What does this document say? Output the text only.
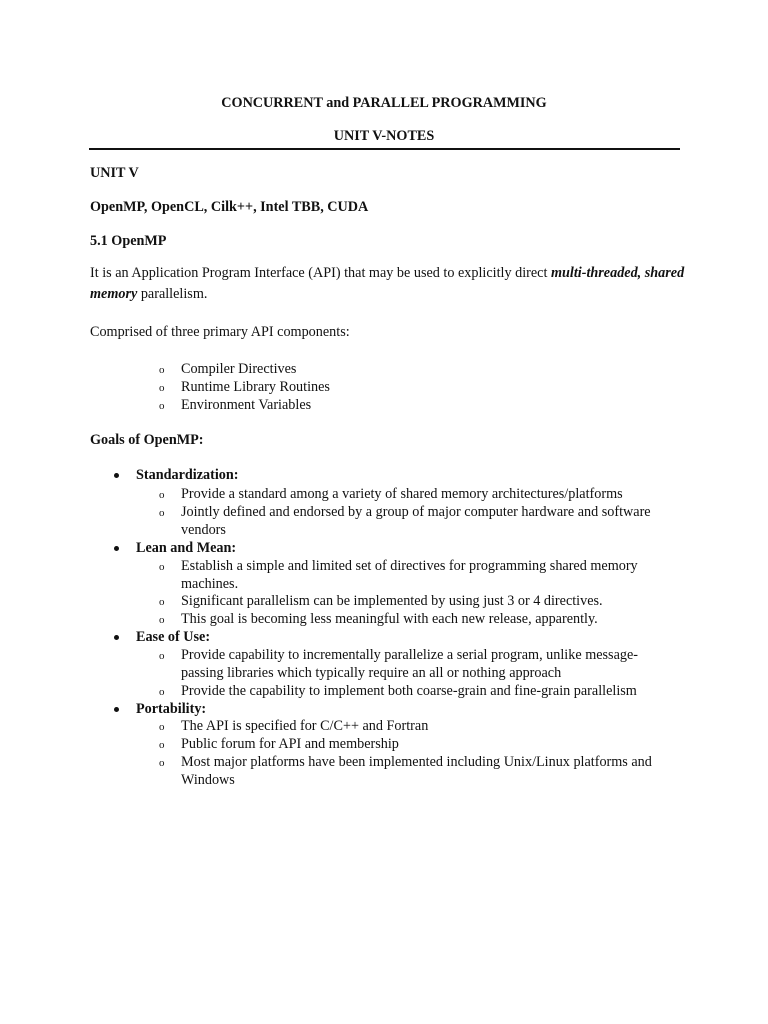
CONCURRENT and PARALLEL PROGRAMMING
UNIT V-NOTES
UNIT V
OpenMP, OpenCL, Cilk++, Intel TBB, CUDA
5.1 OpenMP
It is an Application Program Interface (API) that may be used to explicitly direct multi-threaded, shared memory parallelism.
Comprised of three primary API components:
o Compiler Directives
o Runtime Library Routines
o Environment Variables
Goals of OpenMP:
Standardization:
o Provide a standard among a variety of shared memory architectures/platforms
o Jointly defined and endorsed by a group of major computer hardware and software vendors
Lean and Mean:
o Establish a simple and limited set of directives for programming shared memory machines.
o Significant parallelism can be implemented by using just 3 or 4 directives.
o This goal is becoming less meaningful with each new release, apparently.
Ease of Use:
o Provide capability to incrementally parallelize a serial program, unlike message-passing libraries which typically require an all or nothing approach
o Provide the capability to implement both coarse-grain and fine-grain parallelism
Portability:
o The API is specified for C/C++ and Fortran
o Public forum for API and membership
o Most major platforms have been implemented including Unix/Linux platforms and Windows
